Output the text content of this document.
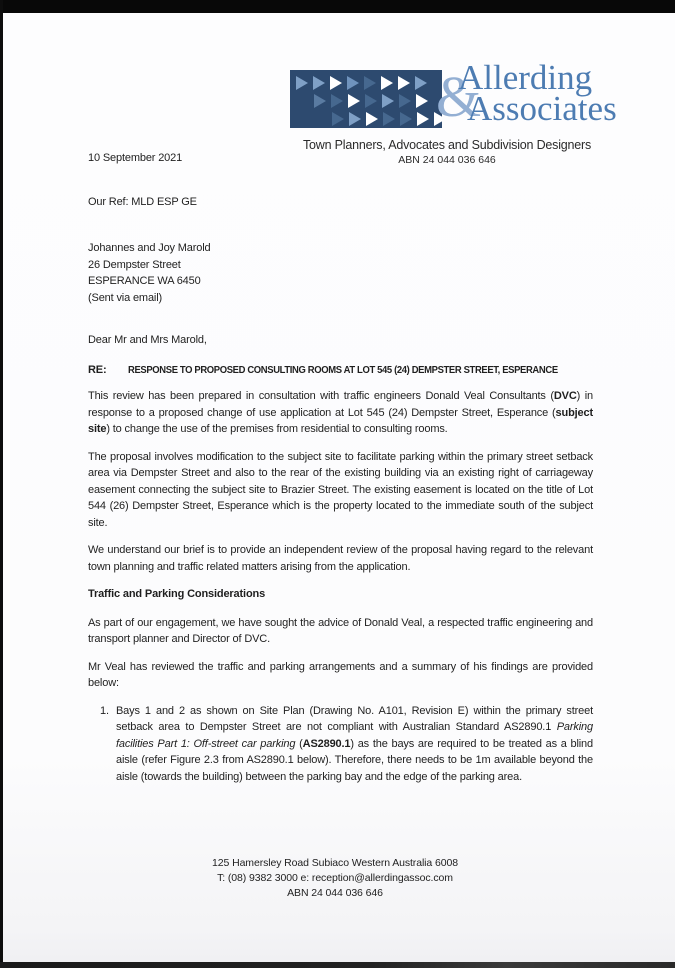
&
Allerding
Associates
Town Planners, Advocates and Subdivision Designers
ABN 24 044 036 646
10 September 2021
Our Ref: MLD ESP GE
Johannes and Joy Marold
26 Dempster Street
ESPERANCE WA 6450
(Sent via email)
Dear Mr and Mrs Marold,
RE:	RESPONSE TO PROPOSED CONSULTING ROOMS AT LOT 545 (24) DEMPSTER STREET, ESPERANCE

This review has been prepared in consultation with traffic engineers Donald Veal Consultants (DVC) in response to a proposed change of use application at Lot 545 (24) Dempster Street, Esperance (subject site) to change the use of the premises from residential to consulting rooms.

The proposal involves modification to the subject site to facilitate parking within the primary street setback area via Dempster Street and also to the rear of the existing building via an existing right of carriageway easement connecting the subject site to Brazier Street. The existing easement is located on the title of Lot 544 (26) Dempster Street, Esperance which is the property located to the immediate south of the subject site.

We understand our brief is to provide an independent review of the proposal having regard to the relevant town planning and traffic related matters arising from the application.

Traffic and Parking Considerations

As part of our engagement, we have sought the advice of Donald Veal, a respected traffic engineering and transport planner and Director of DVC.

Mr Veal has reviewed the traffic and parking arrangements and a summary of his findings are provided below:

1. Bays 1 and 2 as shown on Site Plan (Drawing No. A101, Revision E) within the primary street setback area to Dempster Street are not compliant with Australian Standard AS2890.1 Parking facilities Part 1: Off-street car parking (AS2890.1) as the bays are required to be treated as a blind aisle (refer Figure 2.3 from AS2890.1 below). Therefore, there needs to be 1m available beyond the aisle (towards the building) between the parking bay and the edge of the parking area.
125 Hamersley Road Subiaco Western Australia 6008
T: (08) 9382 3000 e: reception@allerdingassoc.com
ABN 24 044 036 646
